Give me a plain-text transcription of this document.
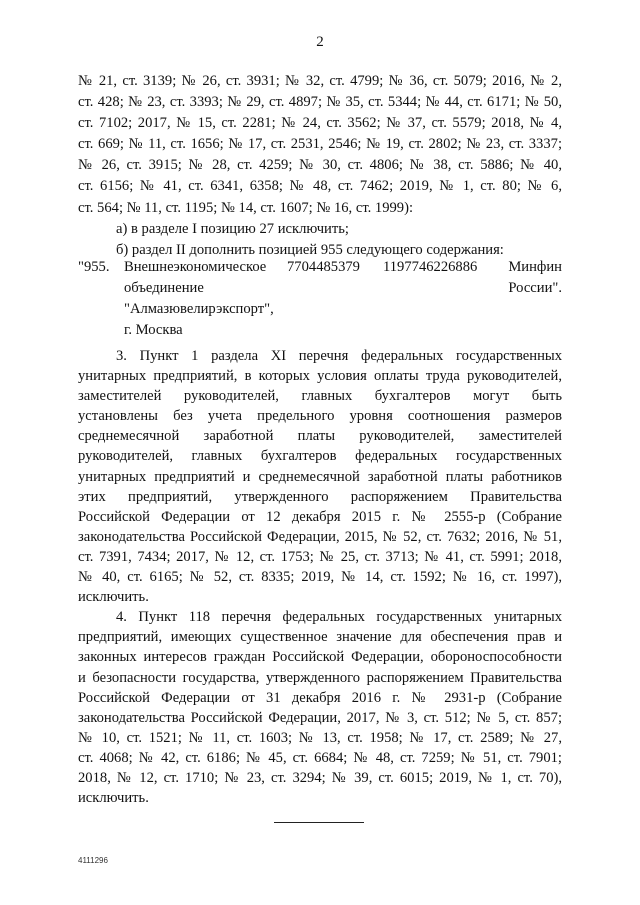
2

№ 21, ст. 3139; № 26, ст. 3931; № 32, ст. 4799; № 36, ст. 5079; 2016, № 2,

ст. 428; № 23, ст. 3393; № 29, ст. 4897; № 35, ст. 5344; № 44, ст. 6171; № 50,

ст. 7102; 2017, № 15, ст. 2281; № 24, ст. 3562; № 37, ст. 5579; 2018, № 4,

ст. 669; № 11, ст. 1656; № 17, ст. 2531, 2546; № 19, ст. 2802; № 23, ст. 3337;

№ 26, ст. 3915; № 28, ст. 4259; № 30, ст. 4806; № 38, ст. 5886; № 40,

ст. 6156; № 41, ст. 6341, 6358; № 48, ст. 7462; 2019, № 1, ст. 80; № 6,

ст. 564; № 11, ст. 1195; № 14, ст. 1607; № 16, ст. 1999):

а) в разделе I позицию 27 исключить;

б) раздел II дополнить позицией 955 следующего содержания:

"955. Внешнеэкономическое
объединение
"Алмазювелирэкспорт",
г. Москва
7704485379 1197746226886	Минфин
России".

3. Пункт 1 раздела XI перечня федеральных государственных

унитарных предприятий, в которых условия оплаты труда руководителей,

заместителей руководителей, главных бухгалтеров могут быть

установлены без учета предельного уровня соотношения размеров

среднемесячной заработной платы руководителей, заместителей

руководителей, главных бухгалтеров федеральных государственных

унитарных предприятий и среднемесячной заработной платы работников

этих предприятий, утвержденного распоряжением Правительства

Российской Федерации от 12 декабря 2015 г. № 2555-р (Собрание

законодательства Российской Федерации, 2015, № 52, ст. 7632; 2016, № 51,

ст. 7391, 7434; 2017, № 12, ст. 1753; № 25, ст. 3713; № 41, ст. 5991; 2018,

№ 40, ст. 6165; № 52, ст. 8335; 2019, № 14, ст. 1592; № 16, ст. 1997),

исключить.

4. Пункт 118 перечня федеральных государственных унитарных

предприятий, имеющих существенное значение для обеспечения прав и

законных интересов граждан Российской Федерации, обороноспособности

и безопасности государства, утвержденного распоряжением Правительства

Российской Федерации от 31 декабря 2016 г. № 2931-р (Собрание

законодательства Российской Федерации, 2017, № 3, ст. 512; № 5, ст. 857;

№ 10, ст. 1521; № 11, ст. 1603; № 13, ст. 1958; № 17, ст. 2589; № 27,

ст. 4068; № 42, ст. 6186; № 45, ст. 6684; № 48, ст. 7259; № 51, ст. 7901;

2018, № 12, ст. 1710; № 23, ст. 3294; № 39, ст. 6015; 2019, № 1, ст. 70),

исключить.

4111296
